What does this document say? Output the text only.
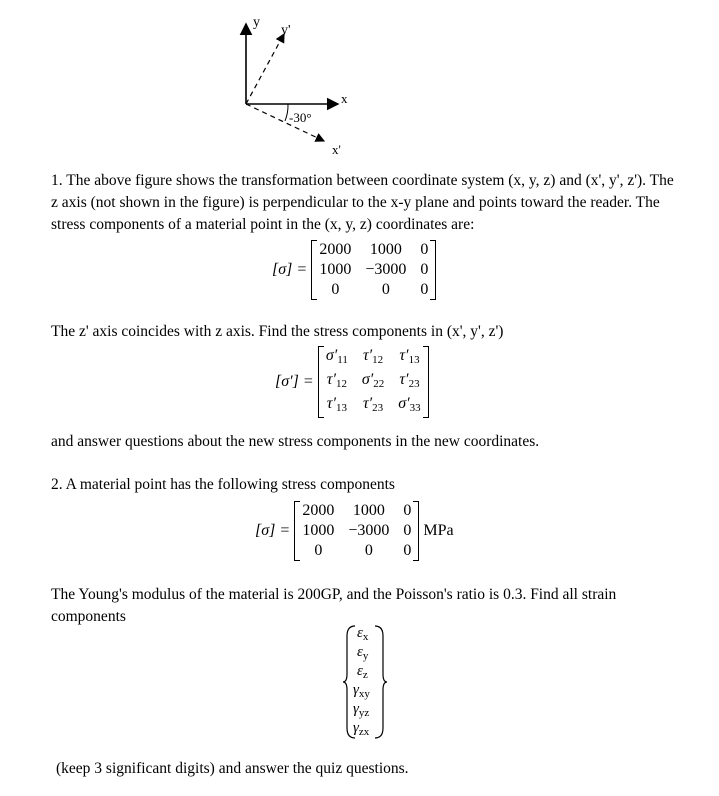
y
y'
x
x'
-30°
1. The above figure shows the transformation between coordinate system (x, y, z) and (x', y', z'). The z axis (not shown in the figure) is perpendicular to the x-y plane and points toward the reader. The stress components of a material point in the (x, y, z) coordinates are:
[σ] =
2000	1000	0
1000	−3000	0
0	0	0
The z' axis coincides with z axis. Find the stress components in (x', y', z')
[σ′] =
$\sigma'_{11}$	$\tau'_{12}$	$\tau'_{13}$
$\tau'_{12}$	$\sigma'_{22}$	$\tau'_{23}$
$\tau'_{13}$	$\tau'_{23}$	$\sigma'_{33}$
and answer questions about the new stress components in the new coordinates.
2. A material point has the following stress components
[σ] =
2000	1000	0
1000	−3000	0
0	0	0
MPa
The Young's modulus of the material is 200GP, and the Poisson's ratio is 0.3. Find all strain components
$\varepsilon_x$
$\varepsilon_y$
$\varepsilon_z$
$\gamma_{xy}$
$\gamma_{yz}$
$\gamma_{zx}$
(keep 3 significant digits) and answer the quiz questions.
